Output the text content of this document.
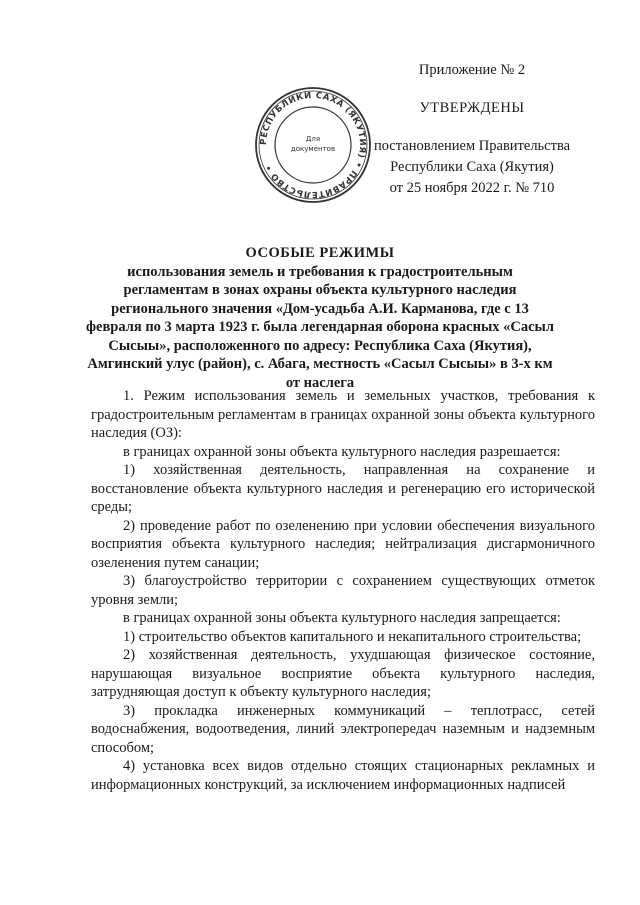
РЕСПУБЛИКИ САХА (ЯКУТИЯ) • ПРАВИТЕЛЬСТВО •
Для
документов
Приложение № 2
УТВЕРЖДЕНЫ
постановлением Правительства
Республики Саха (Якутия)
от 25 ноября 2022 г. № 710
ОСОБЫЕ РЕЖИМЫ
использования земель и требования к градостроительным регламентам в зонах охраны объекта культурного наследия регионального значения «Дом-усадьба А.И. Карманова, где с 13 февраля по 3 марта 1923 г. была легендарная оборона красных «Сасыл Сысыы», расположенного по адресу: Республика Саха (Якутия), Амгинский улус (район), с. Абага, местность «Сасыл Сысыы» в 3-х км от наслега

1. Режим использования земель и земельных участков, требования к градостроительным регламентам в границах охранной зоны объекта культурного наследия (ОЗ):

в границах охранной зоны объекта культурного наследия разрешается:

1) хозяйственная деятельность, направленная на сохранение и восстановление объекта культурного наследия и регенерацию его исторической среды;

2) проведение работ по озеленению при условии обеспечения визуального восприятия объекта культурного наследия; нейтрализация дисгармоничного озеленения путем санации;

3) благоустройство территории с сохранением существующих отметок уровня земли;

в границах охранной зоны объекта культурного наследия запрещается:

1) строительство объектов капитального и некапитального строительства;

2) хозяйственная деятельность, ухудшающая физическое состояние, нарушающая визуальное восприятие объекта культурного наследия, затрудняющая доступ к объекту культурного наследия;

3) прокладка инженерных коммуникаций – теплотрасс, сетей водоснабжения, водоотведения, линий электропередач наземным и надземным способом;

4) установка всех видов отдельно стоящих стационарных рекламных и информационных конструкций, за исключением информационных надписей
